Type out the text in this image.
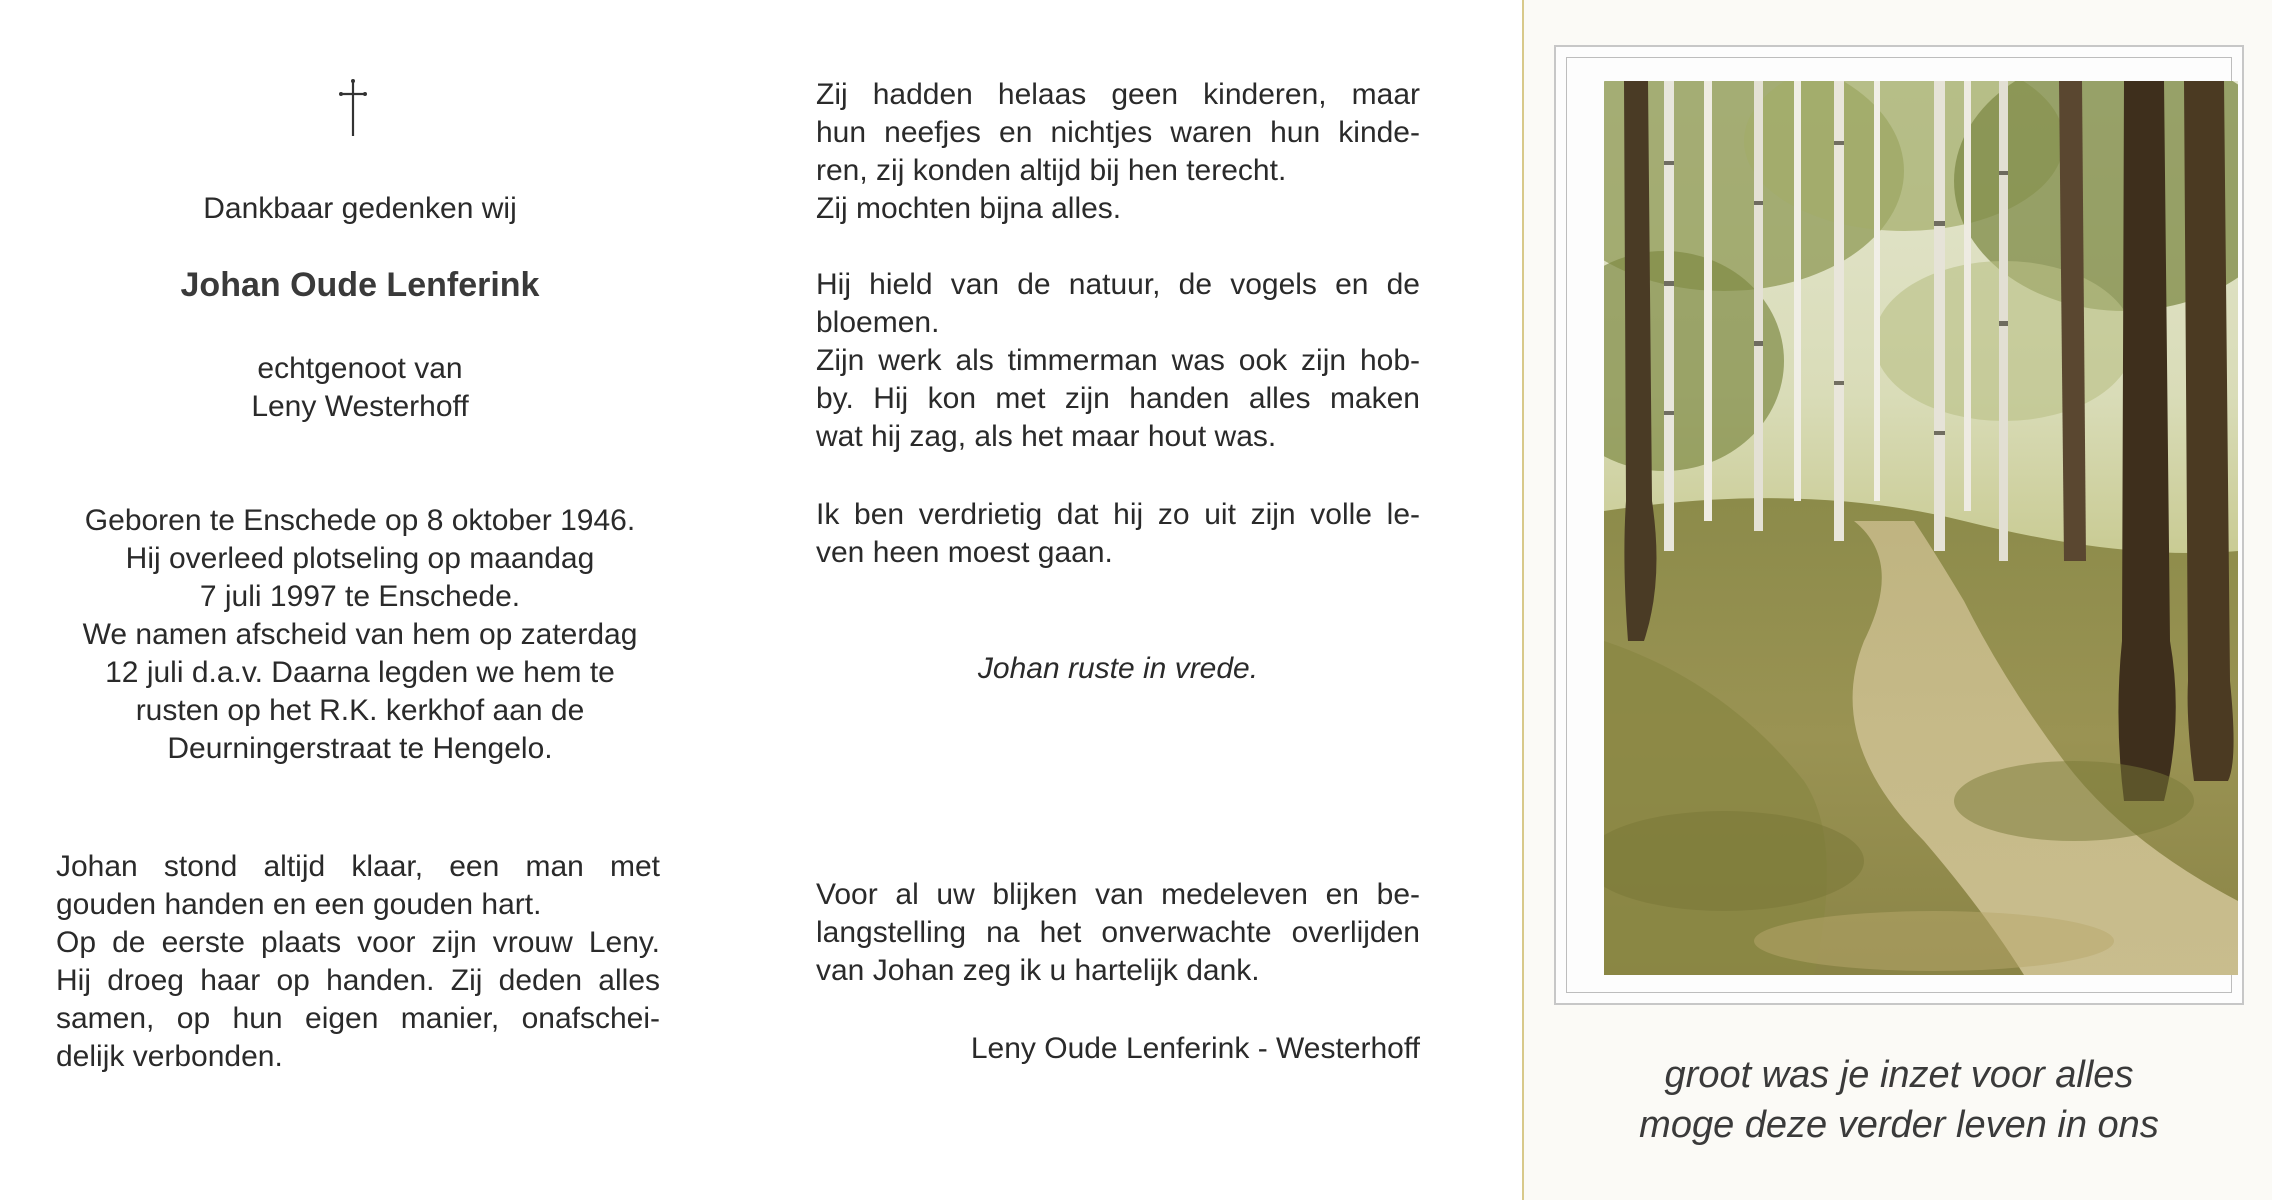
Dankbaar gedenken wij
Johan Oude Lenferink
echtgenoot van
Leny Westerhoff
Geboren te Enschede op 8 oktober 1946.
Hij overleed plotseling op maandag
7 juli 1997 te Enschede.
We namen afscheid van hem op zaterdag
12 juli d.a.v. Daarna legden we hem te
rusten op het R.K. kerkhof aan de
Deurningerstraat te Hengelo.
Johan stond altijd klaar, een man met
gouden handen en een gouden hart.
Op de eerste plaats voor zijn vrouw Leny.
Hij droeg haar op handen. Zij deden alles
samen, op hun eigen manier, onafschei-
delijk verbonden.
Zij hadden helaas geen kinderen, maar
hun neefjes en nichtjes waren hun kinde-
ren, zij konden altijd bij hen terecht.
Zij mochten bijna alles.
Hij hield van de natuur, de vogels en de
bloemen.
Zijn werk als timmerman was ook zijn hob-
by. Hij kon met zijn handen alles maken
wat hij zag, als het maar hout was.
Ik ben verdrietig dat hij zo uit zijn volle le-
ven heen moest gaan.
Johan ruste in vrede.
Voor al uw blijken van medeleven en be-
langstelling na het onverwachte overlijden
van Johan zeg ik u hartelijk dank.
Leny Oude Lenferink - Westerhoff
groot was je inzet voor alles
moge deze verder leven in ons
